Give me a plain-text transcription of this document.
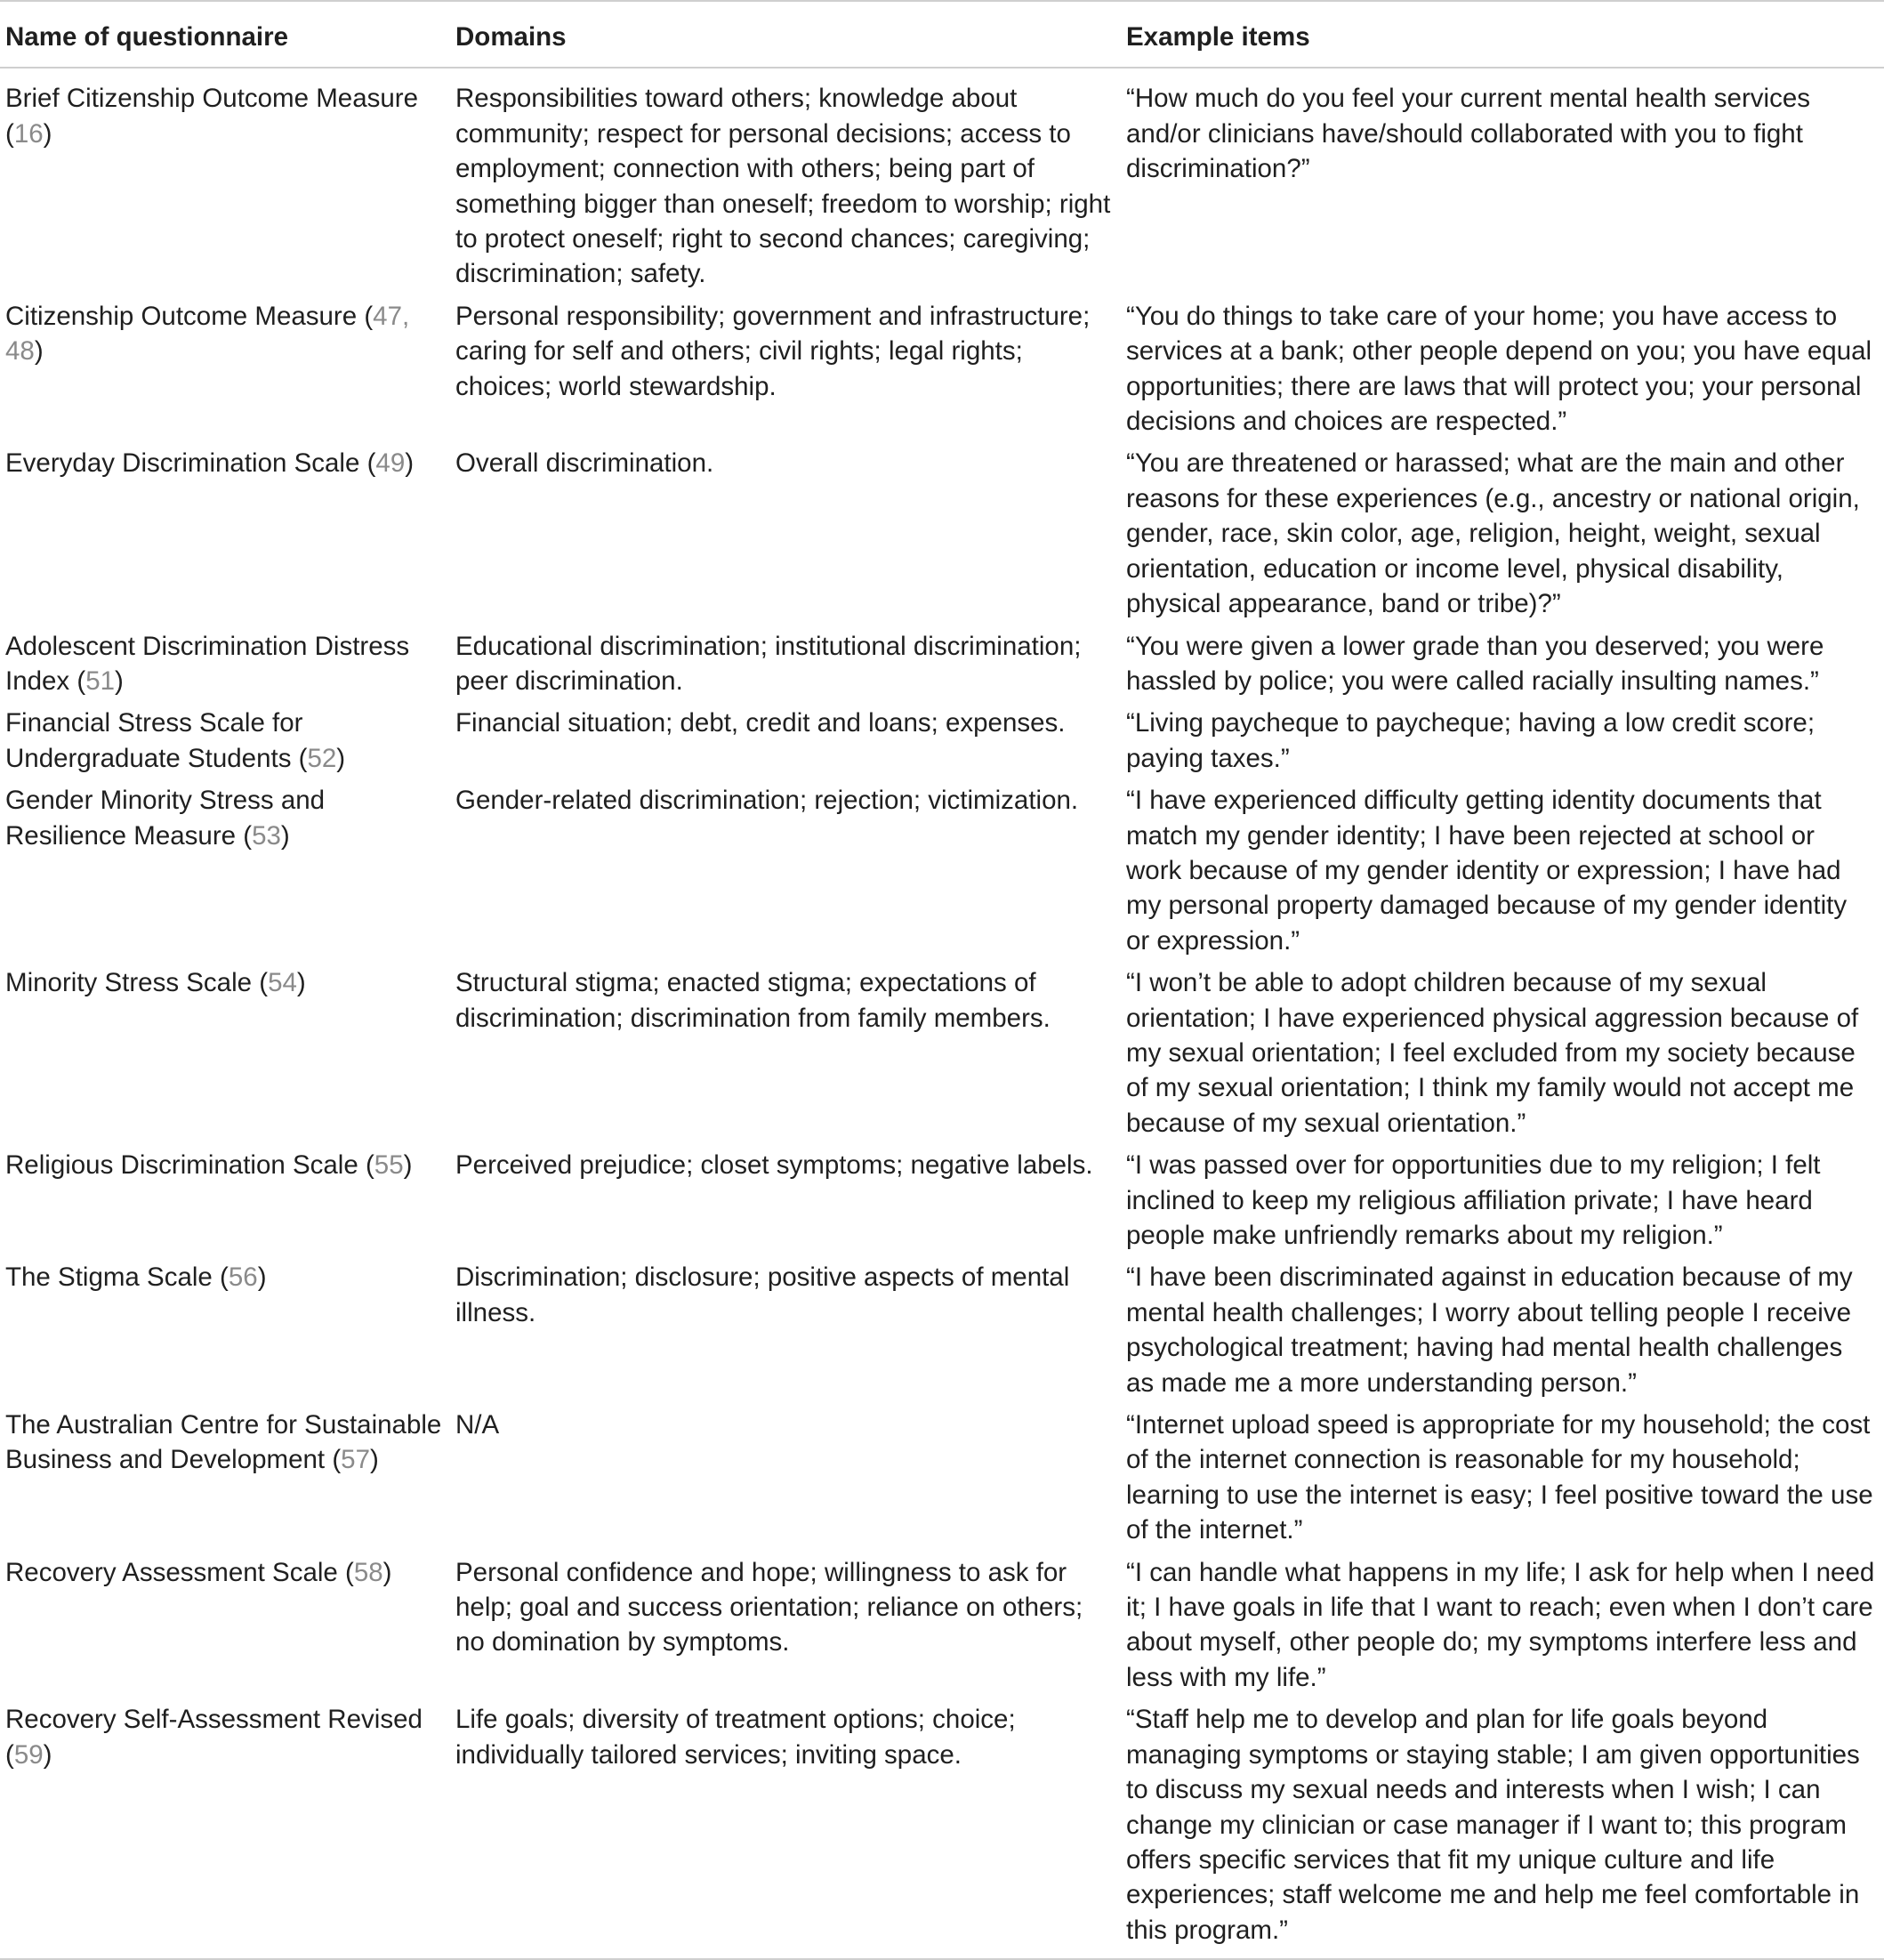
Name of questionnaire	Domains	Example items
Brief Citizenship Outcome Measure (16)	Responsibilities toward others; knowledge about community; respect for personal decisions; access to employment; connection with others; being part of something bigger than oneself; freedom to worship; right to protect oneself; right to second chances; caregiving; discrimination; safety.	“How much do you feel your current mental health services and/or clinicians have/should collaborated with you to fight discrimination?”
Citizenship Outcome Measure (47, 48)	Personal responsibility; government and infrastructure; caring for self and others; civil rights; legal rights; choices; world stewardship.	“You do things to take care of your home; you have access to services at a bank; other people depend on you; you have equal opportunities; there are laws that will protect you; your personal decisions and choices are respected.”
Everyday Discrimination Scale (49)	Overall discrimination.	“You are threatened or harassed; what are the main and other reasons for these experiences (e.g., ancestry or national origin, gender, race, skin color, age, religion, height, weight, sexual orientation, education or income level, physical disability, physical appearance, band or tribe)?”
Adolescent Discrimination Distress Index (51)	Educational discrimination; institutional discrimination; peer discrimination.	“You were given a lower grade than you deserved; you were hassled by police; you were called racially insulting names.”
Financial Stress Scale for Undergraduate Students (52)	Financial situation; debt, credit and loans; expenses.	“Living paycheque to paycheque; having a low credit score; paying taxes.”
Gender Minority Stress and Resilience Measure (53)	Gender-related discrimination; rejection; victimization.	“I have experienced difficulty getting identity documents that match my gender identity; I have been rejected at school or work because of my gender identity or expression; I have had my personal property damaged because of my gender identity or expression.”
Minority Stress Scale (54)	Structural stigma; enacted stigma; expectations of discrimination; discrimination from family members.	“I won’t be able to adopt children because of my sexual orientation; I have experienced physical aggression because of my sexual orientation; I feel excluded from my society because of my sexual orientation; I think my family would not accept me because of my sexual orientation.”
Religious Discrimination Scale (55)	Perceived prejudice; closet symptoms; negative labels.	“I was passed over for opportunities due to my religion; I felt inclined to keep my religious affiliation private; I have heard people make unfriendly remarks about my religion.”
The Stigma Scale (56)	Discrimination; disclosure; positive aspects of mental illness.	“I have been discriminated against in education because of my mental health challenges; I worry about telling people I receive psychological treatment; having had mental health challenges as made me a more understanding person.”
The Australian Centre for Sustainable Business and Development (57)	N/A	“Internet upload speed is appropriate for my household; the cost of the internet connection is reasonable for my household; learning to use the internet is easy; I feel positive toward the use of the internet.”
Recovery Assessment Scale (58)	Personal confidence and hope; willingness to ask for help; goal and success orientation; reliance on others; no domination by symptoms.	“I can handle what happens in my life; I ask for help when I need it; I have goals in life that I want to reach; even when I don’t care about myself, other people do; my symptoms interfere less and less with my life.”
Recovery Self-Assessment Revised (59)	Life goals; diversity of treatment options; choice; individually tailored services; inviting space.	“Staff help me to develop and plan for life goals beyond managing symptoms or staying stable; I am given opportunities to discuss my sexual needs and interests when I wish; I can change my clinician or case manager if I want to; this program offers specific services that fit my unique culture and life experiences; staff welcome me and help me feel comfortable in this program.”
